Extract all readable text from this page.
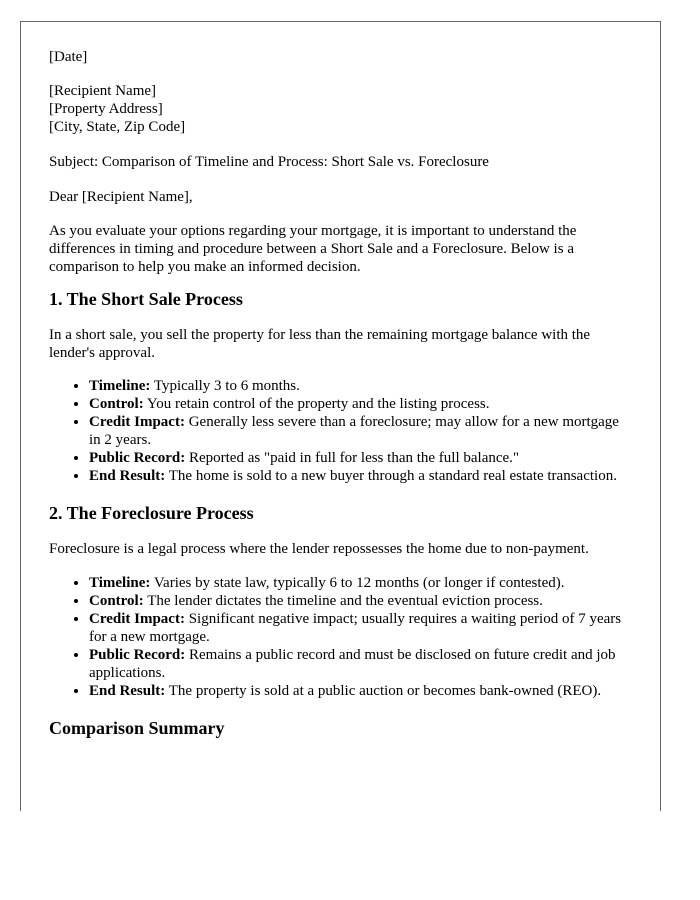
[Date]

[Recipient Name]

[Property Address]

[City, State, Zip Code]

Subject: Comparison of Timeline and Process: Short Sale vs. Foreclosure

Dear [Recipient Name],

As you evaluate your options regarding your mortgage, it is important to understand the differences in timing and procedure between a Short Sale and a Foreclosure. Below is a comparison to help you make an informed decision.

1. The Short Sale Process

In a short sale, you sell the property for less than the remaining mortgage balance with the lender's approval.

• Timeline: Typically 3 to 6 months.
• Control: You retain control of the property and the listing process.
• Credit Impact: Generally less severe than a foreclosure; may allow for a new mortgage in 2 years.
• Public Record: Reported as "paid in full for less than the full balance."
• End Result: The home is sold to a new buyer through a standard real estate transaction.
2. The Foreclosure Process

Foreclosure is a legal process where the lender repossesses the home due to non-payment.

• Timeline: Varies by state law, typically 6 to 12 months (or longer if contested).
• Control: The lender dictates the timeline and the eventual eviction process.
• Credit Impact: Significant negative impact; usually requires a waiting period of 7 years for a new mortgage.
• Public Record: Remains a public record and must be disclosed on future credit and job applications.
• End Result: The property is sold at a public auction or becomes bank-owned (REO).
Comparison Summary
